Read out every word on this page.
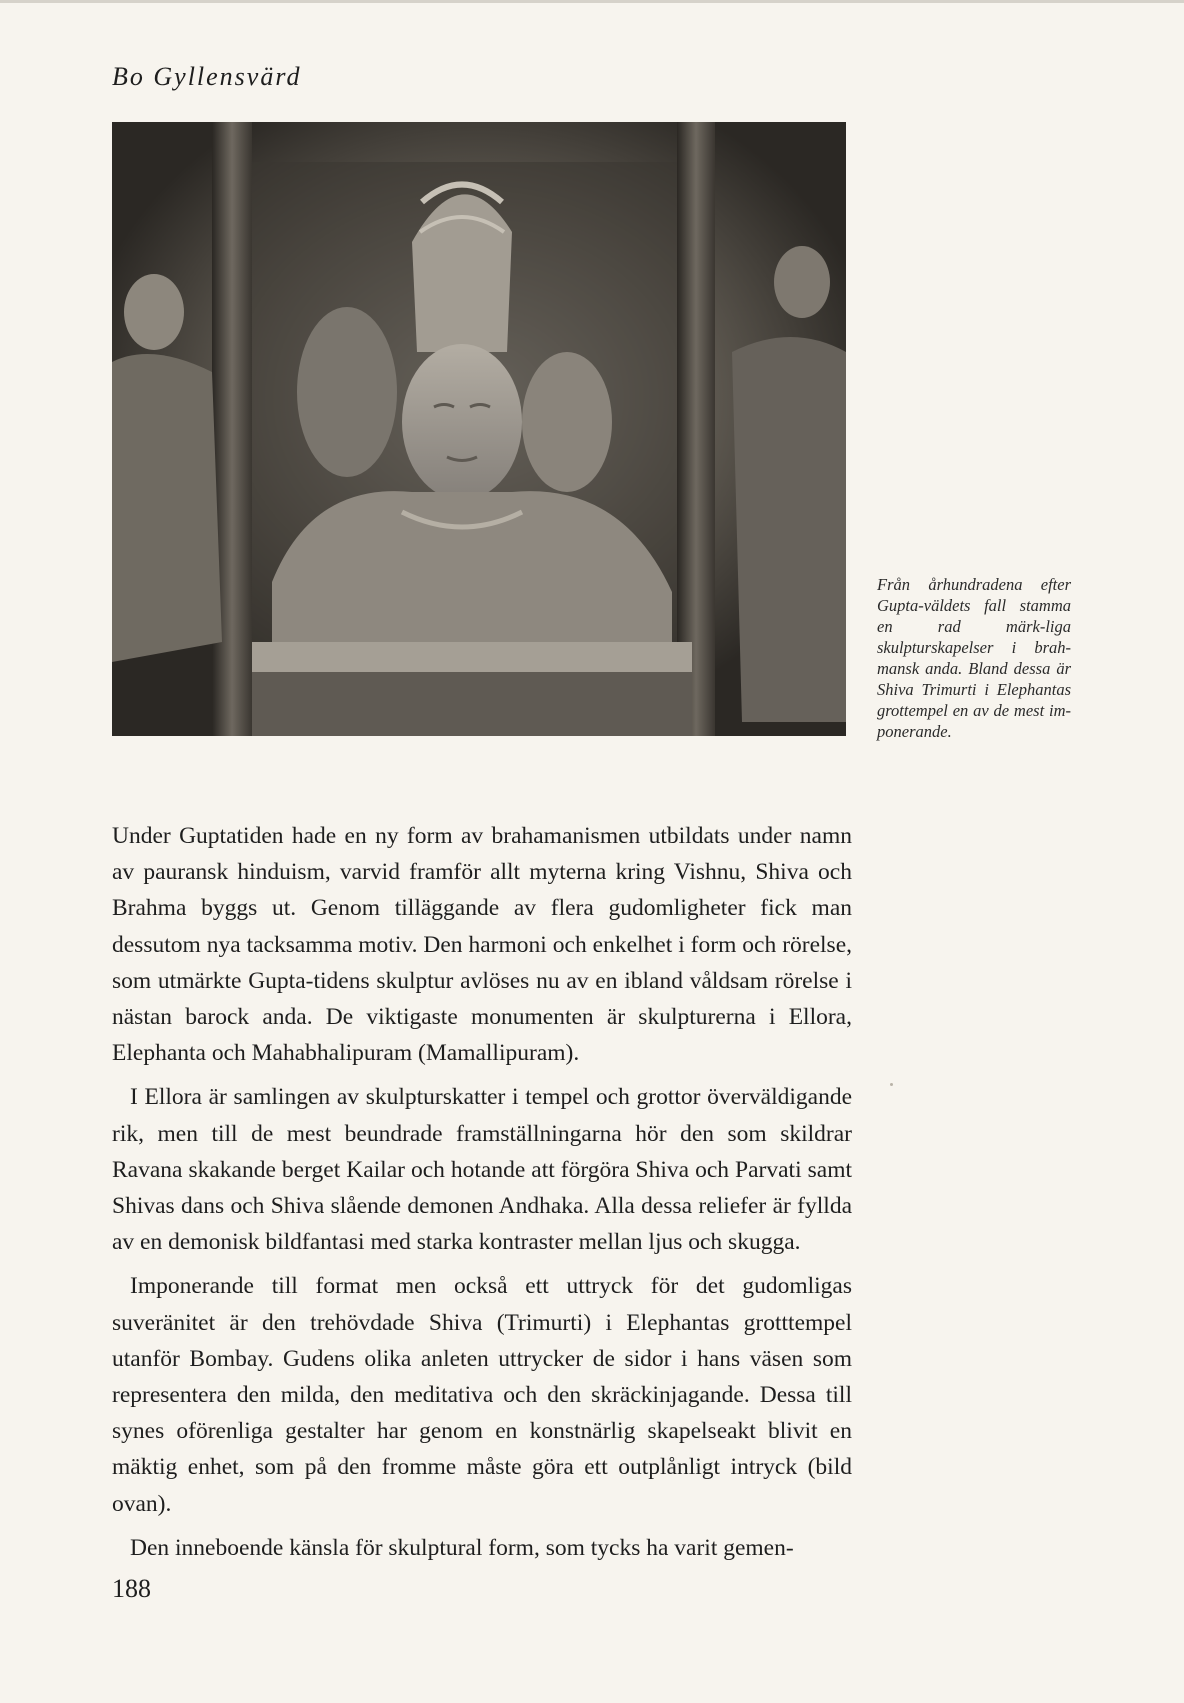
Bo Gyllensvärd
Från århundradena efter Gupta-väldets fall stamma en rad märk-liga skulpturskapelser i brah-mansk anda. Bland dessa är Shiva Trimurti i Elephantas grottempel en av de mest im-ponerande.

Under Guptatiden hade en ny form av brahamanismen utbildats under namn av pauransk hinduism, varvid framför allt myterna kring Vishnu, Shiva och Brahma byggs ut. Genom tilläggande av flera gudomligheter fick man dessutom nya tacksamma motiv. Den harmoni och enkelhet i form och rörelse, som utmärkte Gupta-tidens skulptur avlöses nu av en ibland våldsam rörelse i nästan barock anda. De viktigaste monumenten är skulpturerna i Ellora, Elephanta och Mahabhalipuram (Mamallipuram).

I Ellora är samlingen av skulpturskatter i tempel och grottor överväldigande rik, men till de mest beundrade framställningarna hör den som skildrar Ravana skakande berget Kailar och hotande att förgöra Shiva och Parvati samt Shivas dans och Shiva slående demonen Andhaka. Alla dessa reliefer är fyllda av en demonisk bildfantasi med starka kontraster mellan ljus och skugga.

Imponerande till format men också ett uttryck för det gudomligas suveränitet är den trehövdade Shiva (Trimurti) i Elephantas grotttempel utanför Bombay. Gudens olika anleten uttrycker de sidor i hans väsen som representera den milda, den meditativa och den skräckinjagande. Dessa till synes oförenliga gestalter har genom en konstnärlig skapelseakt blivit en mäktig enhet, som på den fromme måste göra ett outplånligt intryck (bild ovan).

Den inneboende känsla för skulptural form, som tycks ha varit gemen-

188
